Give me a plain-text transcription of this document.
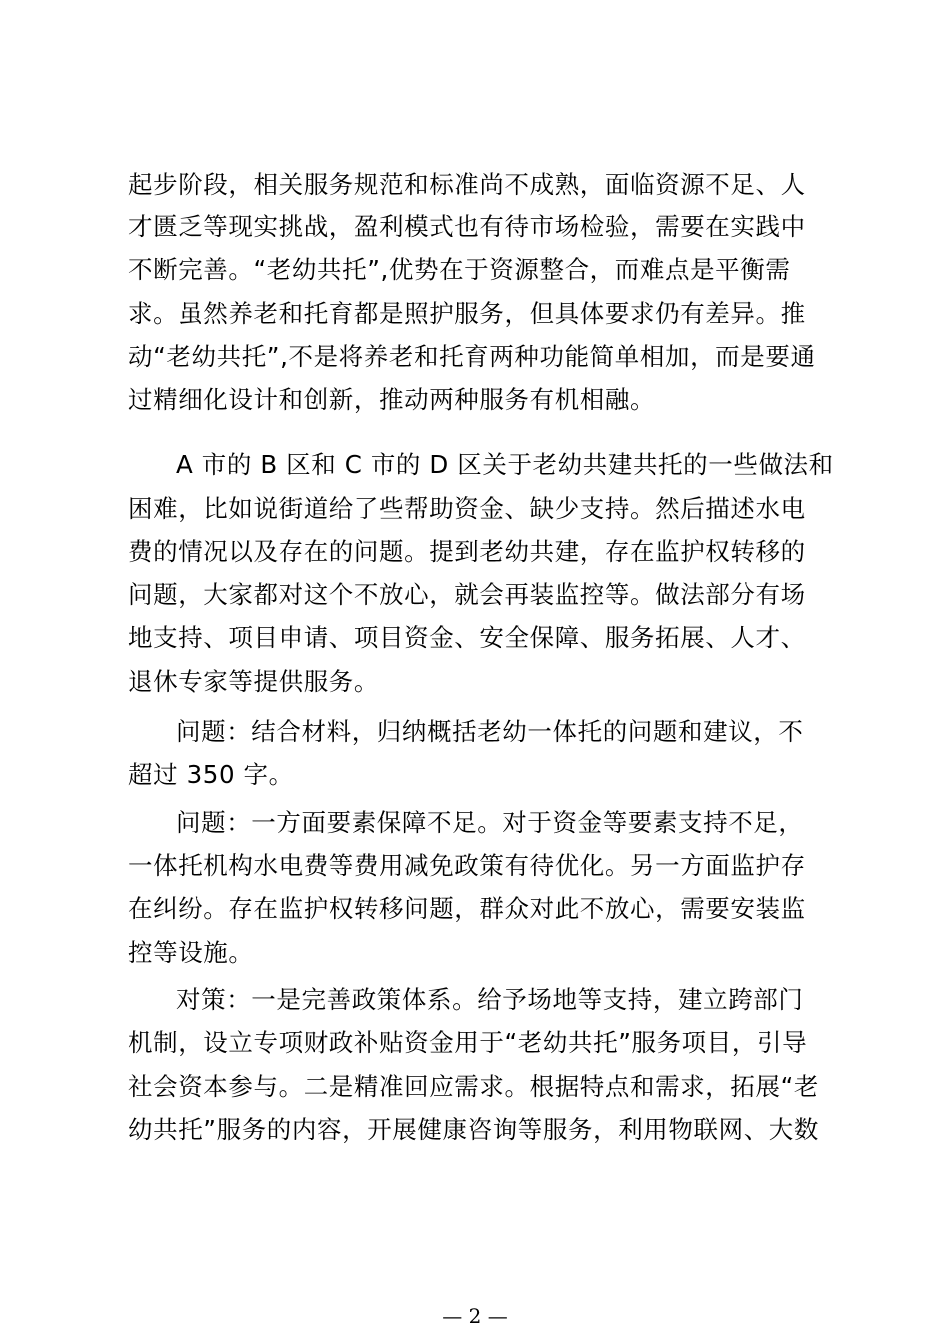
起步阶段，相关服务规范和标准尚不成熟，面临资源不足、人
才匮乏等现实挑战，盈利模式也有待市场检验，需要在实践中
不断完善。“老幼共托”,优势在于资源整合，而难点是平衡需
求。虽然养老和托育都是照护服务，但具体要求仍有差异。推
动“老幼共托”,不是将养老和托育两种功能简单相加，而是要通
过精细化设计和创新，推动两种服务有机相融。
A 市的 B 区和 C 市的 D 区关于老幼共建共托的一些做法和
困难，比如说街道给了些帮助资金、缺少支持。然后描述水电
费的情况以及存在的问题。提到老幼共建，存在监护权转移的
问题，大家都对这个不放心，就会再装监控等。做法部分有场
地支持、项目申请、项目资金、安全保障、服务拓展、人才、
退休专家等提供服务。
问题：结合材料，归纳概括老幼一体托的问题和建议，不
超过 350 字。
问题：一方面要素保障不足。对于资金等要素支持不足，
一体托机构水电费等费用减免政策有待优化。另一方面监护存
在纠纷。存在监护权转移问题，群众对此不放心，需要安装监
控等设施。
对策：一是完善政策体系。给予场地等支持，建立跨部门
机制，设立专项财政补贴资金用于“老幼共托”服务项目，引导
社会资本参与。二是精准回应需求。根据特点和需求，拓展“老
幼共托”服务的内容，开展健康咨询等服务，利用物联网、大数
— 2 —
